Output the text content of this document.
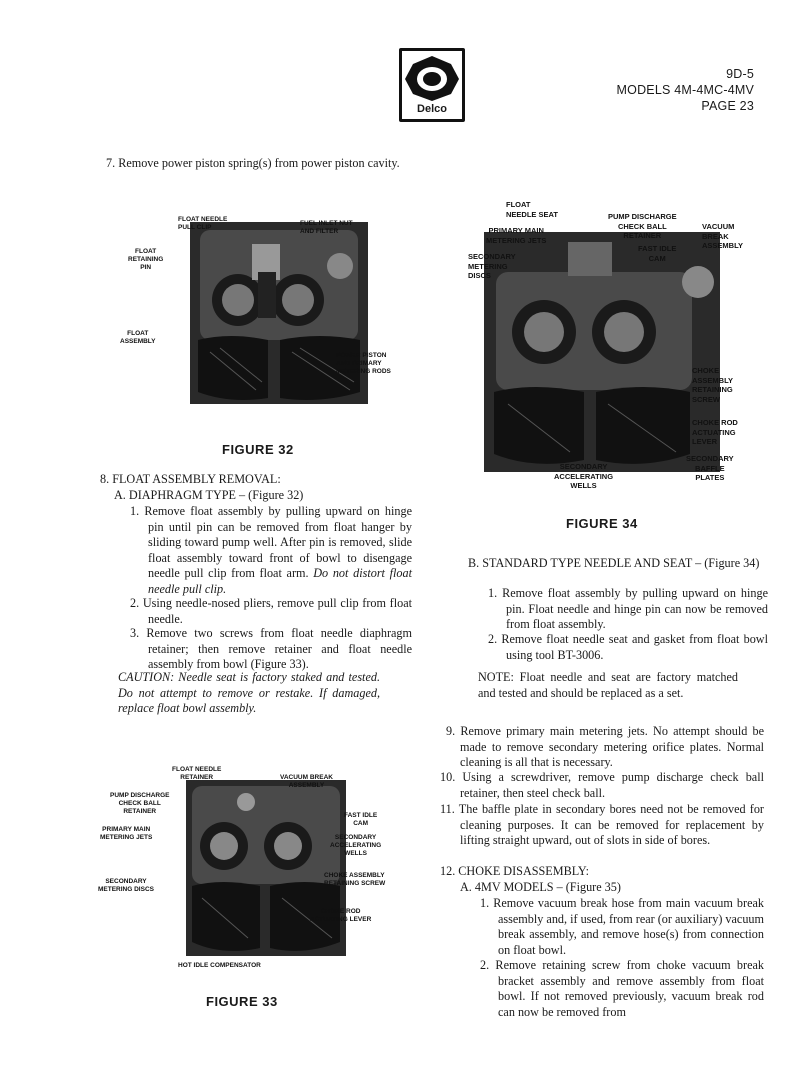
Delco
9D-5
MODELS 4M-4MC-4MV
PAGE 23
7. Remove power piston spring(s) from power piston cavity.
FLOAT NEEDLE
PULL CLIP
FUEL INLET NUT
AND FILTER
FLOAT
RETAINING
PIN
FLOAT
ASSEMBLY
POWER PISTON
AND PRIMARY
METERING RODS
FIGURE 32
8. FLOAT ASSEMBLY REMOVAL:
A. DIAPHRAGM TYPE – (Figure 32)
1. Remove float assembly by pulling upward on hinge pin until pin can be removed from float hanger by sliding toward pump well. After pin is removed, slide float assembly toward front of bowl to disengage needle pull clip from float arm. Do not distort float needle pull clip.
2. Using needle-nosed pliers, remove pull clip from float needle.
3. Remove two screws from float needle diaphragm retainer; then remove retainer and float needle assembly from bowl (Figure 33).
CAUTION: Needle seat is factory staked and tested. Do not attempt to remove or restake. If damaged, replace float bowl assembly.
FLOAT NEEDLE
RETAINER	VACUUM BREAK
ASSEMBLY
PUMP DISCHARGE
CHECK BALL
RETAINER
FAST IDLE
CAM
PRIMARY MAIN
METERING JETS	SECONDARY
ACCELERATING
WELLS
CHOKE ASSEMBLY
RETAINING SCREW
SECONDARY
METERING DISCS
CHOKE ROD
ACTUATING LEVER
HOT IDLE COMPENSATOR
FIGURE 33
FLOAT
NEEDLE SEAT	PUMP DISCHARGE
CHECK BALL
RETAINER
VACUUM
BREAK
ASSEMBLY
PRIMARY MAIN
METERING JETS
FAST IDLE
CAM
SECONDARY
METERING
DISCS
CHOKE
ASSEMBLY
RETAINING
SCREW
CHOKE ROD
ACTUATING
LEVER
SECONDARY
BAFFLE
PLATES
SECONDARY
ACCELERATING
WELLS
FIGURE 34
B. STANDARD TYPE NEEDLE AND SEAT – (Figure 34)
1. Remove float assembly by pulling upward on hinge pin. Float needle and hinge pin can now be removed from float assembly.
2. Remove float needle seat and gasket from float bowl using tool BT-3006.
NOTE: Float needle and seat are factory matched and tested and should be replaced as a set.
9. Remove primary main metering jets. No attempt should be made to remove secondary metering orifice plates. Normal cleaning is all that is necessary.
10. Using a screwdriver, remove pump discharge check ball retainer, then steel check ball.
11. The baffle plate in secondary bores need not be removed for cleaning purposes. It can be removed for replacement by lifting straight upward, out of slots in side of bores.
12. CHOKE DISASSEMBLY:
A. 4MV MODELS – (Figure 35)
1. Remove vacuum break hose from main vacuum break assembly and, if used, from rear (or auxiliary) vacuum break assembly, and remove hose(s) from connection on float bowl.
2. Remove retaining screw from choke vacuum break bracket assembly and remove assembly from float bowl. If not removed previously, vacuum break rod can now be removed from
